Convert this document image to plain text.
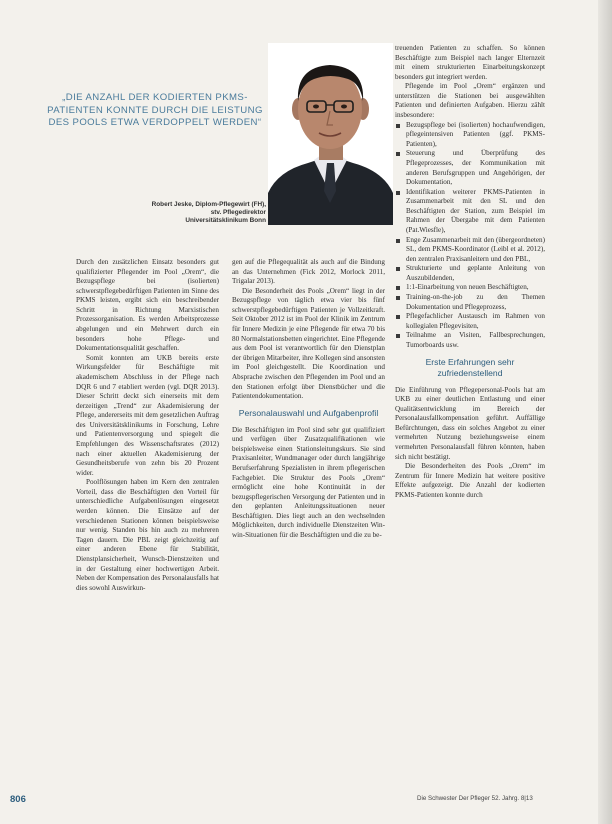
„DIE ANZAHL DER KODIERTEN PKMS-PATIENTEN KONNTE DURCH DIE LEISTUNG DES POOLS ETWA VERDOPPELT WERDEN“
Robert Jeske, Diplom-Pflegewirt (FH),
stv. Pflegedirektor
Universitätsklinikum Bonn

Durch den zusätzlichen Einsatz besonders gut qualifizierter Pflegender im Pool „Orem“, die Bezugspflege bei (isolierten) schwerstpflegebedürftigen Patienten im Sinne des PKMS leisten, ergibt sich ein beschreibender Schritt in Richtung Marxistischen Prozessorganisation. Es werden Arbeitsprozesse abgelungen und ein Mehrwert durch ein besonders hohe Pflege- und Dokumentationsqualität geschaffen.

Somit konnten am UKB bereits erste Wirkungsfelder für Beschäftigte mit akademischem Abschluss in der Pflege nach DQR 6 und 7 etabliert werden (vgl. DQR 2013). Dieser Schritt deckt sich einerseits mit dem derzeitigen „Trend“ zur Akademisierung der Pflege, andererseits mit dem gesetzlichen Auftrag des Universitätsklinikums in Forschung, Lehre und Patientenversorgung und spiegelt die Empfehlungen des Wissenschaftsrates (2012) nach einer aktuellen Akademisierung der Gesundheitsberufe von zehn bis 20 Prozent wider.

Poolflösungen haben im Kern den zentralen Vorteil, dass die Beschäftigten den Vorteil für unterschiedliche Aufgabenlösungen eingesetzt werden können. Die Einsätze auf der verschiedenen Stationen können beispielsweise nur wenig. Standen bis hin auch zu mehreren Tagen dauern. Die PBL zeigt gleichzeitig auf einer anderen Ebene für Stabilität, Dienstplansicherheit, Wunsch-Dienstzeiten und in der Gestaltung einer hochwertigen Arbeit. Neben der Kompensation des Personalausfalls hat dies sowohl Auswirkun-

gen auf die Pflegequalität als auch auf die Bindung an das Unternehmen (Fick 2012, Morlock 2011, Trigalar 2013).

Die Besonderheit des Pools „Orem“ liegt in der Bezugspflege von täglich etwa vier bis fünf schwerstpflegebedürftigen Patienten je Vollzeitkraft. Seit Oktober 2012 ist im Pool der Klinik im Zentrum für Innere Medizin je eine Pflegende für etwa 70 bis 80 Normalstationsbetten eingerichtet. Eine Pflegende aus dem Pool ist verantwortlich für den Dienstplan der übrigen Mitarbeiter, ihre Kollegen sind ansonsten im Pool gleichgestellt. Die Koordination und Absprache zwischen den Pflegenden im Pool und an den Stationen erfolgt über Dienstbücher und die Patientendokumentation.

Personalauswahl und Aufgabenprofil

Die Beschäftigten im Pool sind sehr gut qualifiziert und verfügen über Zusatzqualifikationen wie beispielsweise einen Stationsleitungskurs. Sie sind Praxisanleiter, Wundmanager oder durch langjährige Berufserfahrung Spezialisten in ihrem pflegerischen Fachgebiet. Die Struktur des Pools „Orem“ ermöglicht eine hohe Kontinuität in der bezugspflegerischen Versorgung der Patienten und in den geplanten Anleitungssituationen neuer Beschäftigten. Dies liegt auch an den wechselnden Möglichkeiten, durch individuelle Dienstzeiten Win-win-Situationen für die Beschäftigten und die zu be-

treuenden Patienten zu schaffen. So können Beschäftigte zum Beispiel nach langer Elternzeit mit einem strukturierten Einarbeitungskonzept besonders gut integriert werden.

Pflegende im Pool „Orem“ ergänzen und unterstützen die Stationen bei ausgewählten Patienten und definierten Aufgaben. Hierzu zählt insbesondere:

Bezugspflege bei (isolierten) hochaufwendigen, pflegeintensiven Patienten (ggf. PKMS-Patienten),
Steuerung und Überprüfung des Pflegeprozesses, der Kommunikation mit anderen Berufsgruppen und Angehörigen, der Dokumentation,
Identifikation weiterer PKMS-Patienten in Zusammenarbeit mit den SL und den Beschäftigten der Station, zum Beispiel im Rahmen der Übergabe mit dem Patienten (Pat.Wiesfle),
Enge Zusammenarbeit mit den (übergeordneten) SL, dem PKMS-Koordinator (Leibl et al. 2012), den zentralen Praxisanleitern und den PBL,
Strukturierte und geplante Anleitung von Auszubildenden,
1:1-Einarbeitung von neuen Beschäftigten,
Training-on-the-job zu den Themen Dokumentation und Pflegeprozess,
Pflegefachlicher Austausch im Rahmen von kollegialen Pflegevisiten,
Teilnahme an Visiten, Fallbesprechungen, Tumorboards usw.
Erste Erfahrungen sehr zufriedenstellend

Die Einführung von Pflegepersonal-Pools hat am UKB zu einer deutlichen Entlastung und einer Qualitätsentwicklung im Bereich der Personalausfallkompensation geführt. Auffällige Befürchtungen, dass ein solches Angebot zu einer vermehrten Nutzung beziehungsweise einem vermehrten Personalausfall führen könnten, haben sich nicht bestätigt.

Die Besonderheiten des Pools „Orem“ im Zentrum für Innere Medizin hat weitere positive Effekte aufgezeigt. Die Anzahl der kodierten PKMS-Patienten konnte durch

806	Die Schwester Der Pfleger 52. Jahrg. 8|13
